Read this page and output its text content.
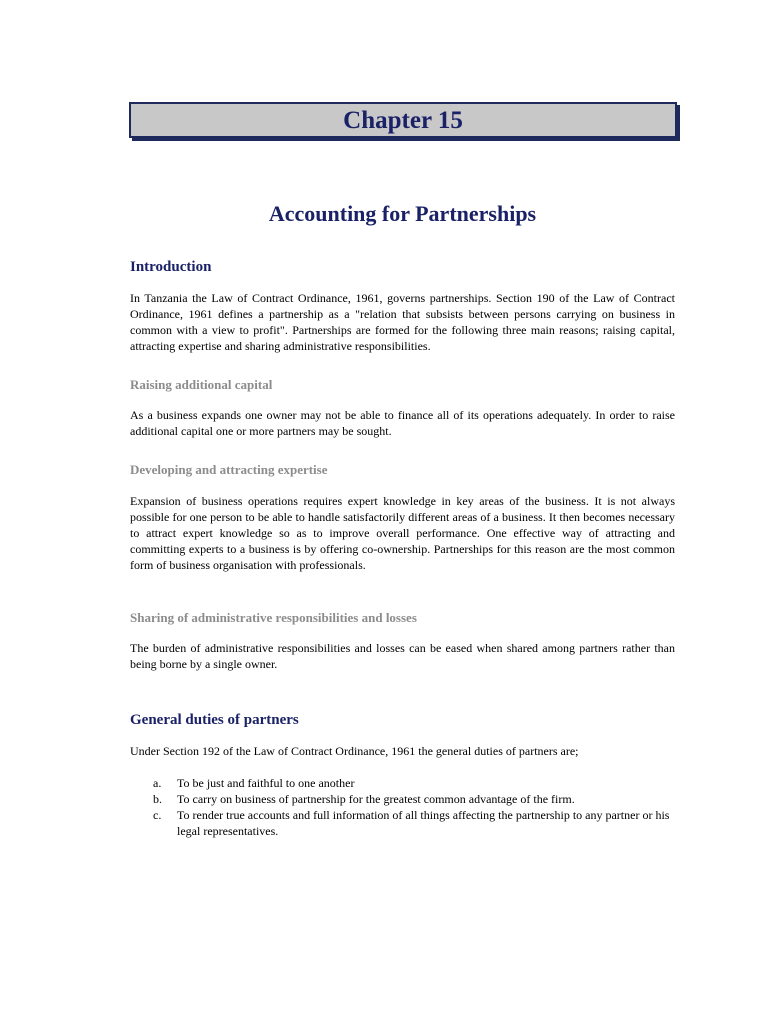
Chapter 15
Accounting for Partnerships
Introduction

In Tanzania the Law of Contract Ordinance, 1961, governs partnerships. Section 190 of the Law of Contract Ordinance, 1961 defines a partnership as a "relation that subsists between persons carrying on business in common with a view to profit". Partnerships are formed for the following three main reasons; raising capital, attracting expertise and sharing administrative responsibilities.

Raising additional capital

As a business expands one owner may not be able to finance all of its operations adequately. In order to raise additional capital one or more partners may be sought.

Developing and attracting expertise

Expansion of business operations requires expert knowledge in key areas of the business. It is not always possible for one person to be able to handle satisfactorily different areas of a business. It then becomes necessary to attract expert knowledge so as to improve overall performance. One effective way of attracting and committing experts to a business is by offering co-ownership. Partnerships for this reason are the most common form of business organisation with professionals.

Sharing of administrative responsibilities and losses

The burden of administrative responsibilities and losses can be eased when shared among partners rather than being borne by a single owner.

General duties of partners

Under Section 192 of the Law of Contract Ordinance, 1961 the general duties of partners are;

a. To be just and faithful to one another
b. To carry on business of partnership for the greatest common advantage of the firm.
c. To render true accounts and full information of all things affecting the partnership to any partner or his legal representatives.
